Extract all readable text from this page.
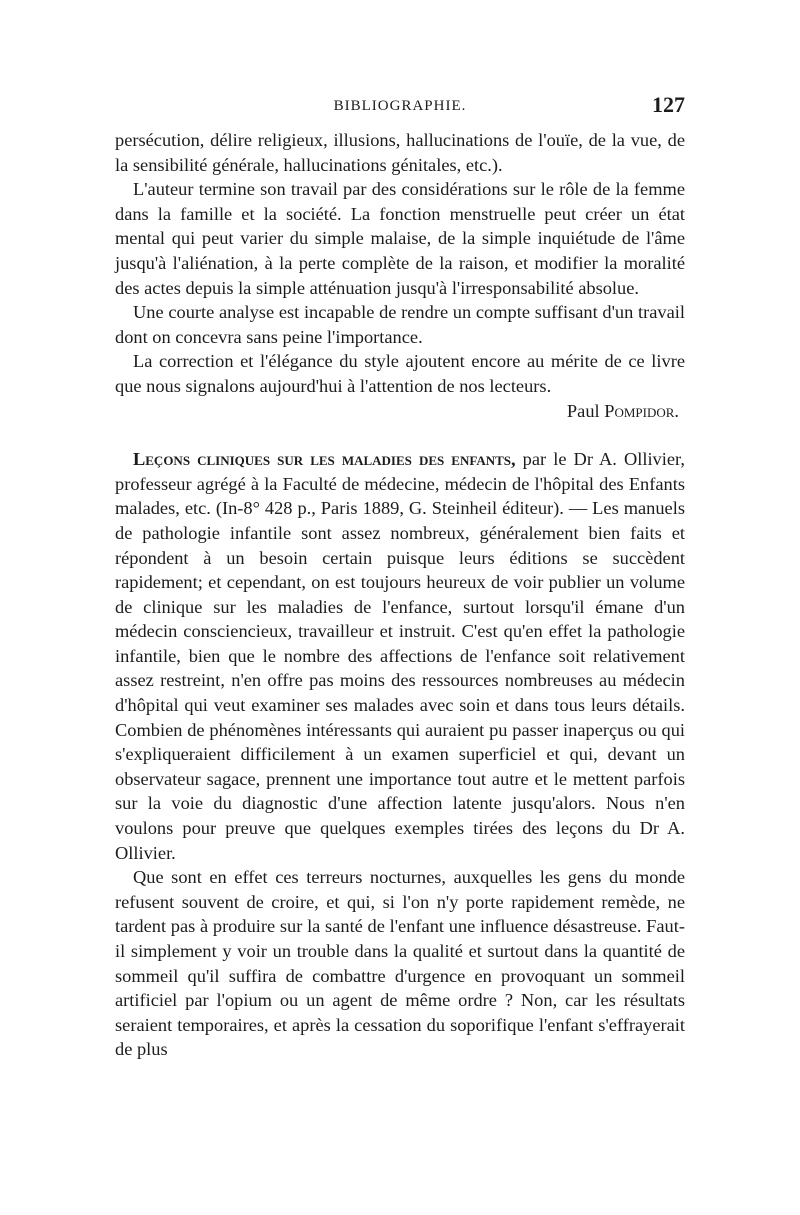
BIBLIOGRAPHIE.	127

persécution, délire religieux, illusions, hallucinations de l'ouïe, de la vue, de la sensibilité générale, hallucinations génitales, etc.).

L'auteur termine son travail par des considérations sur le rôle de la femme dans la famille et la société. La fonction menstruelle peut créer un état mental qui peut varier du simple malaise, de la simple inquiétude de l'âme jusqu'à l'aliénation, à la perte complète de la raison, et modifier la moralité des actes depuis la simple atténuation jusqu'à l'irresponsabilité absolue.

Une courte analyse est incapable de rendre un compte suffisant d'un travail dont on concevra sans peine l'importance.

La correction et l'élégance du style ajoutent encore au mérite de ce livre que nous signalons aujourd'hui à l'attention de nos lecteurs.

Paul Pompidor.

Leçons cliniques sur les maladies des enfants, par le Dr A. Ollivier, professeur agrégé à la Faculté de médecine, médecin de l'hôpital des Enfants malades, etc. (In-8° 428 p., Paris 1889, G. Steinheil éditeur). — Les manuels de pathologie infantile sont assez nombreux, généralement bien faits et répondent à un besoin certain puisque leurs éditions se succèdent rapidement; et cependant, on est toujours heureux de voir publier un volume de clinique sur les maladies de l'enfance, surtout lorsqu'il émane d'un médecin consciencieux, travailleur et instruit. C'est qu'en effet la pathologie infantile, bien que le nombre des affections de l'enfance soit relativement assez restreint, n'en offre pas moins des ressources nombreuses au médecin d'hôpital qui veut examiner ses malades avec soin et dans tous leurs détails. Combien de phénomènes intéressants qui auraient pu passer inaperçus ou qui s'expliqueraient difficilement à un examen superficiel et qui, devant un observateur sagace, prennent une importance tout autre et le mettent parfois sur la voie du diagnostic d'une affection latente jusqu'alors. Nous n'en voulons pour preuve que quelques exemples tirées des leçons du Dr A. Ollivier.

Que sont en effet ces terreurs nocturnes, auxquelles les gens du monde refusent souvent de croire, et qui, si l'on n'y porte rapidement remède, ne tardent pas à produire sur la santé de l'enfant une influence désastreuse. Faut-il simplement y voir un trouble dans la qualité et surtout dans la quantité de sommeil qu'il suffira de combattre d'urgence en provoquant un sommeil artificiel par l'opium ou un agent de même ordre ? Non, car les résultats seraient temporaires, et après la cessation du soporifique l'enfant s'effrayerait de plus
